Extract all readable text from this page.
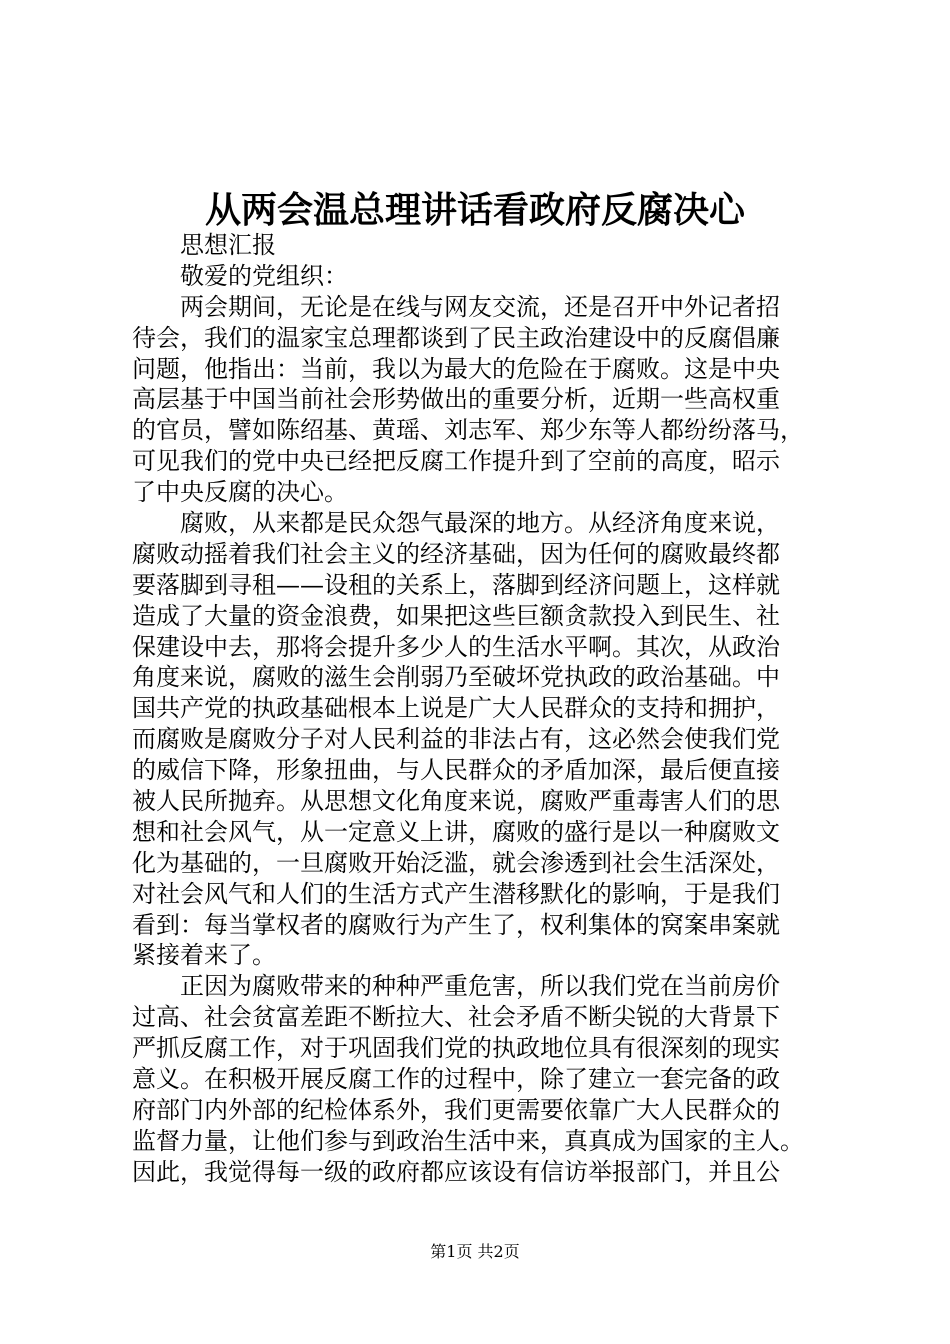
从两会温总理讲话看政府反腐决心
思想汇报
敬爱的党组织：
两会期间，无论是在线与网友交流，还是召开中外记者招
待会，我们的温家宝总理都谈到了民主政治建设中的反腐倡廉
问题，他指出：当前，我以为最大的危险在于腐败。这是中央
高层基于中国当前社会形势做出的重要分析，近期一些高权重
的官员，譬如陈绍基、黄瑶、刘志军、郑少东等人都纷纷落马，
可见我们的党中央已经把反腐工作提升到了空前的高度，昭示
了中央反腐的决心。
腐败，从来都是民众怨气最深的地方。从经济角度来说，
腐败动摇着我们社会主义的经济基础，因为任何的腐败最终都
要落脚到寻租——设租的关系上，落脚到经济问题上，这样就
造成了大量的资金浪费，如果把这些巨额贪款投入到民生、社
保建设中去，那将会提升多少人的生活水平啊。其次，从政治
角度来说，腐败的滋生会削弱乃至破坏党执政的政治基础。中
国共产党的执政基础根本上说是广大人民群众的支持和拥护，
而腐败是腐败分子对人民利益的非法占有，这必然会使我们党
的威信下降，形象扭曲，与人民群众的矛盾加深，最后便直接
被人民所抛弃。从思想文化角度来说，腐败严重毒害人们的思
想和社会风气，从一定意义上讲，腐败的盛行是以一种腐败文
化为基础的，一旦腐败开始泛滥，就会渗透到社会生活深处，
对社会风气和人们的生活方式产生潜移默化的影响，于是我们
看到：每当掌权者的腐败行为产生了，权利集体的窝案串案就
紧接着来了。
正因为腐败带来的种种严重危害，所以我们党在当前房价
过高、社会贫富差距不断拉大、社会矛盾不断尖锐的大背景下
严抓反腐工作，对于巩固我们党的执政地位具有很深刻的现实
意义。在积极开展反腐工作的过程中，除了建立一套完备的政
府部门内外部的纪检体系外，我们更需要依靠广大人民群众的
监督力量，让他们参与到政治生活中来，真真成为国家的主人。
因此，我觉得每一级的政府都应该设有信访举报部门，并且公
第1页 共2页
